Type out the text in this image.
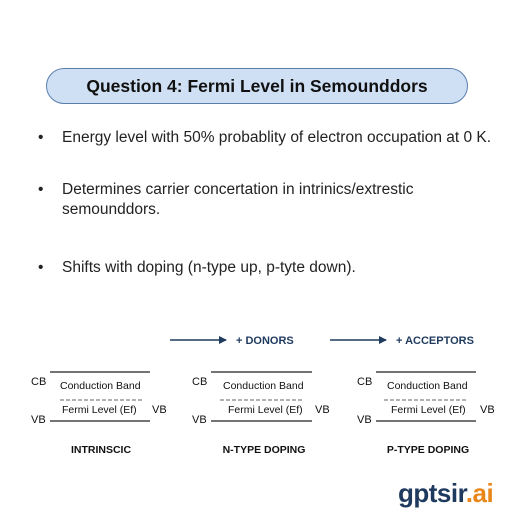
Question 4: Fermi Level in Semounddors
•	Energy level with 50% probablity of electron occupation at 0 K.
•	Determines carrier concertation in intrinics/extrestic semounddors.
•	Shifts with doping (n-type up, p-tyte down).
+ DONORS	+ ACCEPTORS
CB Conduction Band
Fermi Level (Ef) VB
VB
INTRINSCIC
CB Conduction Band
Fermi Level (Ef) VB
VB
N-TYPE DOPING
CB Conduction Band
Fermi Level (Ef) VB
VB
P-TYPE DOPING
gptsir.ai
